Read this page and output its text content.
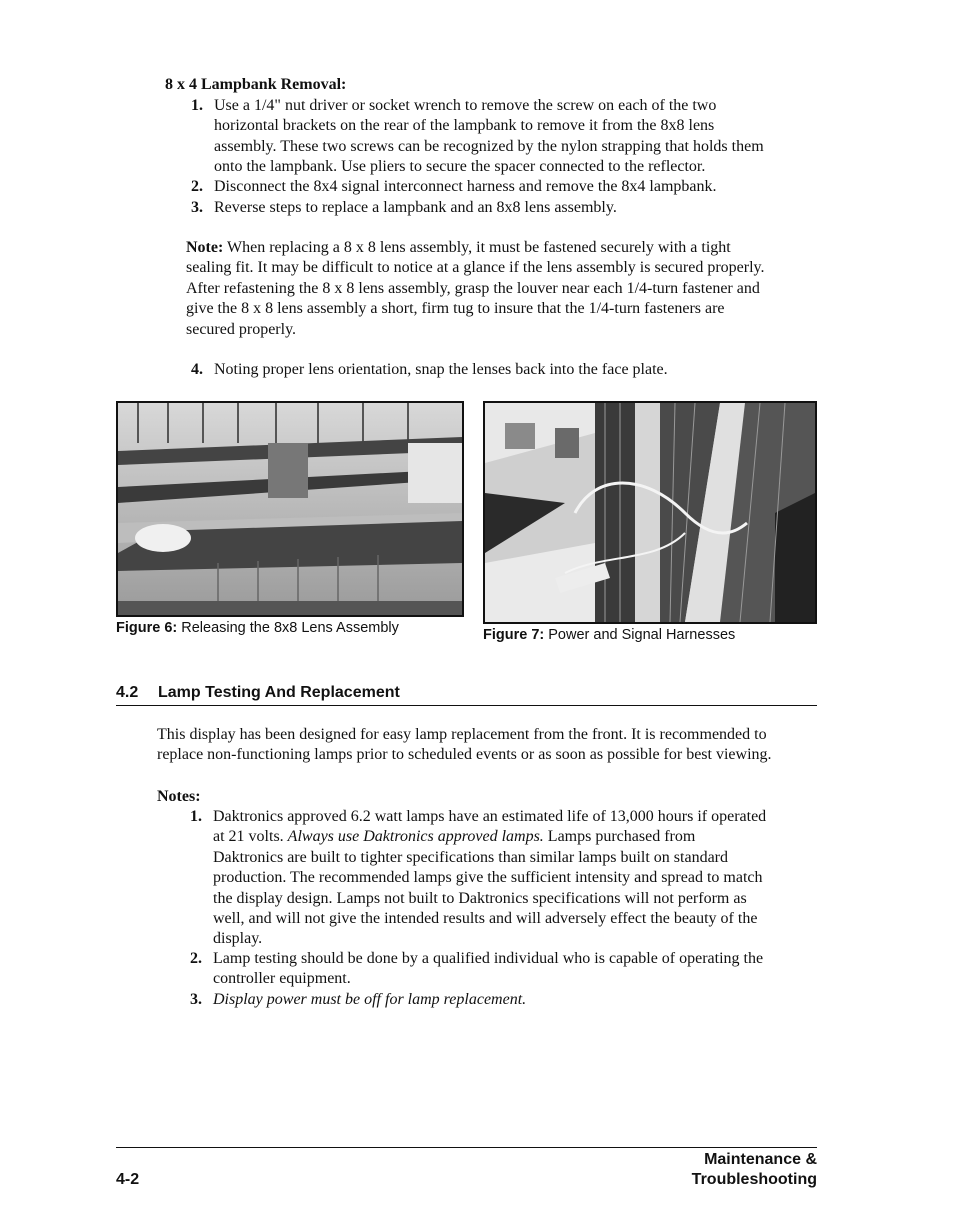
8 x 4 Lampbank Removal:
1. Use a 1/4" nut driver or socket wrench to remove the screw on each of the two
horizontal brackets on the rear of the lampbank to remove it from the 8x8 lens
assembly. These two screws can be recognized by the nylon strapping that holds them
onto the lampbank. Use pliers to secure the spacer connected to the reflector.
2. Disconnect the 8x4 signal interconnect harness and remove the 8x4 lampbank.
3. Reverse steps to replace a lampbank and an 8x8 lens assembly.
Note: When replacing a 8 x 8 lens assembly, it must be fastened securely with a tight
sealing fit. It may be difficult to notice at a glance if the lens assembly is secured properly.
After refastening the 8 x 8 lens assembly, grasp the louver near each 1/4-turn fastener and
give the 8 x 8 lens assembly a short, firm tug to insure that the 1/4-turn fasteners are
secured properly.
4. Noting proper lens orientation, snap the lenses back into the face plate.
Figure 6: Releasing the 8x8 Lens Assembly	Figure 7: Power and Signal Harnesses
4.2 Lamp Testing And Replacement
This display has been designed for easy lamp replacement from the front. It is recommended to
replace non-functioning lamps prior to scheduled events or as soon as possible for best viewing.
Notes:
1. Daktronics approved 6.2 watt lamps have an estimated life of 13,000 hours if operated
at 21 volts. Always use Daktronics approved lamps. Lamps purchased from
Daktronics are built to tighter specifications than similar lamps built on standard
production. The recommended lamps give the sufficient intensity and spread to match
the display design. Lamps not built to Daktronics specifications will not perform as
well, and will not give the intended results and will adversely effect the beauty of the
display.
2. Lamp testing should be done by a qualified individual who is capable of operating the
controller equipment.
3. Display power must be off for lamp replacement.
4-2
Maintenance &
Troubleshooting
